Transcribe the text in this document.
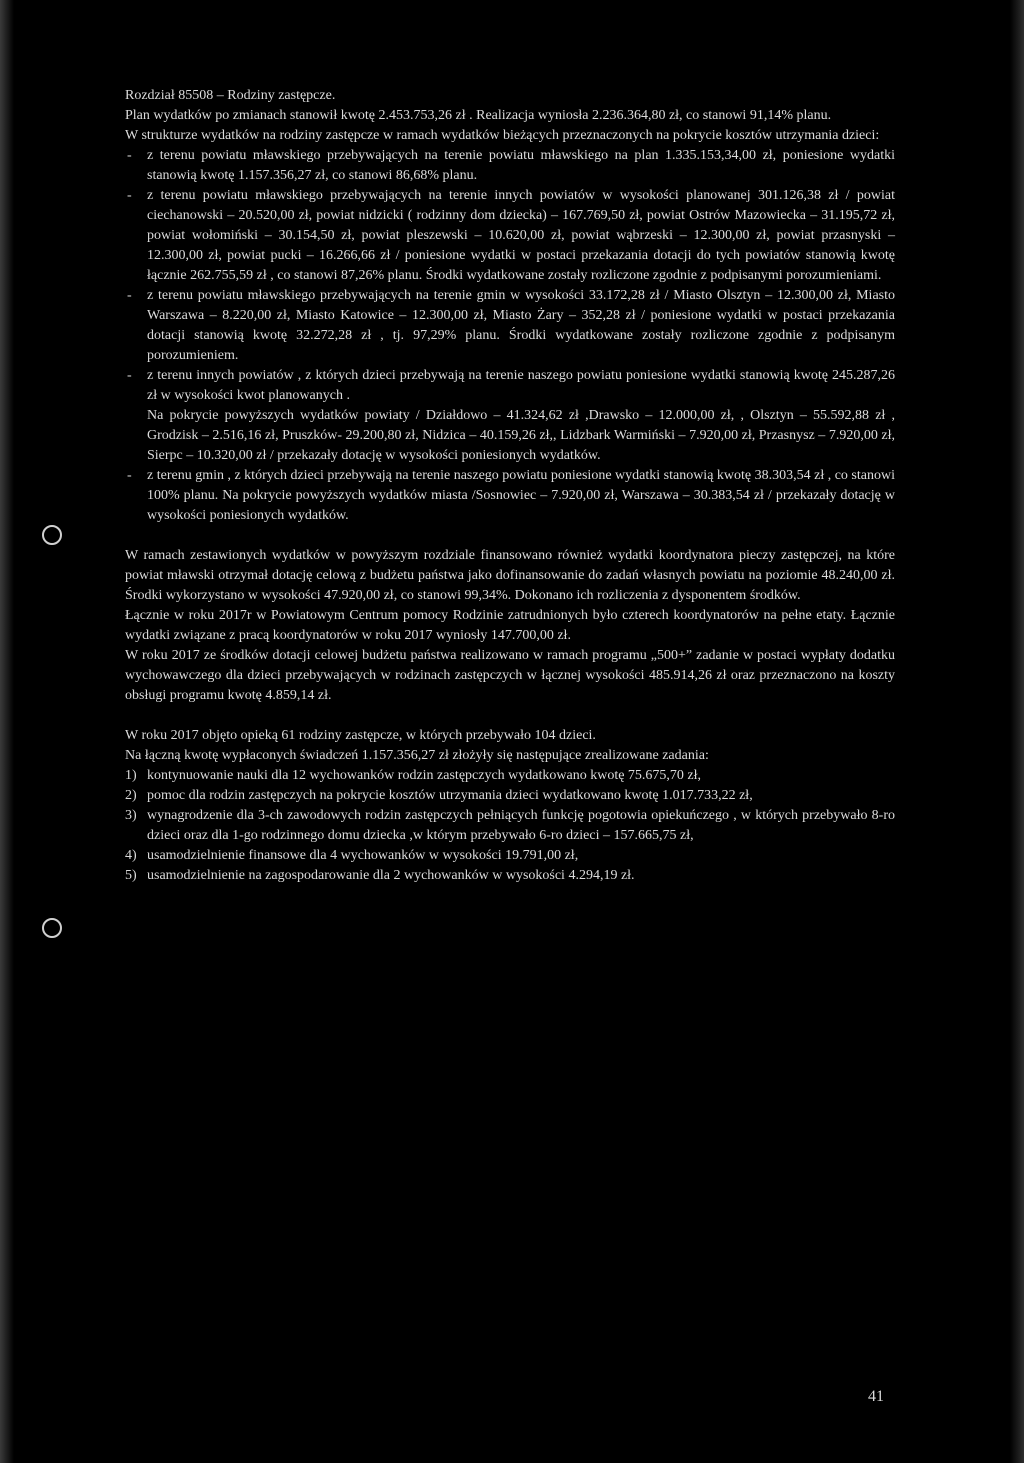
Rozdział 85508 – Rodziny zastępcze.

Plan wydatków po zmianach stanowił kwotę 2.453.753,26 zł . Realizacja wyniosła 2.236.364,80 zł, co stanowi 91,14% planu.

W strukturze wydatków na rodziny zastępcze w ramach wydatków bieżących przeznaczonych na pokrycie kosztów utrzymania dzieci:

- z terenu powiatu mławskiego przebywających na terenie powiatu mławskiego na plan 1.335.153,34,00 zł, poniesione wydatki stanowią kwotę 1.157.356,27 zł, co stanowi 86,68% planu.
- z terenu powiatu mławskiego przebywających na terenie innych powiatów w wysokości planowanej 301.126,38 zł / powiat ciechanowski – 20.520,00 zł, powiat nidzicki ( rodzinny dom dziecka) – 167.769,50 zł, powiat Ostrów Mazowiecka – 31.195,72 zł, powiat wołomiński – 30.154,50 zł, powiat pleszewski – 10.620,00 zł, powiat wąbrzeski – 12.300,00 zł, powiat przasnyski – 12.300,00 zł, powiat pucki – 16.266,66 zł / poniesione wydatki w postaci przekazania dotacji do tych powiatów stanowią kwotę łącznie 262.755,59 zł , co stanowi 87,26% planu. Środki wydatkowane zostały rozliczone zgodnie z podpisanymi porozumieniami.
- z terenu powiatu mławskiego przebywających na terenie gmin w wysokości 33.172,28 zł / Miasto Olsztyn – 12.300,00 zł, Miasto Warszawa – 8.220,00 zł, Miasto Katowice – 12.300,00 zł, Miasto Żary – 352,28 zł / poniesione wydatki w postaci przekazania dotacji stanowią kwotę 32.272,28 zł , tj. 97,29% planu. Środki wydatkowane zostały rozliczone zgodnie z podpisanym porozumieniem.
- z terenu innych powiatów , z których dzieci przebywają na terenie naszego powiatu poniesione wydatki stanowią kwotę 245.287,26 zł w wysokości kwot planowanych .

Na pokrycie powyższych wydatków powiaty / Działdowo – 41.324,62 zł ,Drawsko – 12.000,00 zł, , Olsztyn – 55.592,88 zł , Grodzisk – 2.516,16 zł, Pruszków- 29.200,80 zł, Nidzica – 40.159,26 zł,, Lidzbark Warmiński – 7.920,00 zł, Przasnysz – 7.920,00 zł, Sierpc – 10.320,00 zł / przekazały dotację w wysokości poniesionych wydatków.

- z terenu gmin , z których dzieci przebywają na terenie naszego powiatu poniesione wydatki stanowią kwotę 38.303,54 zł , co stanowi 100% planu. Na pokrycie powyższych wydatków miasta /Sosnowiec – 7.920,00 zł, Warszawa – 30.383,54 zł / przekazały dotację w wysokości poniesionych wydatków.

W ramach zestawionych wydatków w powyższym rozdziale finansowano również wydatki koordynatora pieczy zastępczej, na które powiat mławski otrzymał dotację celową z budżetu państwa jako dofinansowanie do zadań własnych powiatu na poziomie 48.240,00 zł. Środki wykorzystano w wysokości 47.920,00 zł, co stanowi 99,34%. Dokonano ich rozliczenia z dysponentem środków.

Łącznie w roku 2017r w Powiatowym Centrum pomocy Rodzinie zatrudnionych było czterech koordynatorów na pełne etaty. Łącznie wydatki związane z pracą koordynatorów w roku 2017 wyniosły 147.700,00 zł.

W roku 2017 ze środków dotacji celowej budżetu państwa realizowano w ramach programu „500+” zadanie w postaci wypłaty dodatku wychowawczego dla dzieci przebywających w rodzinach zastępczych w łącznej wysokości 485.914,26 zł oraz przeznaczono na koszty obsługi programu kwotę 4.859,14 zł.

W roku 2017 objęto opieką 61 rodziny zastępcze, w których przebywało 104 dzieci.

Na łączną kwotę wypłaconych świadczeń 1.157.356,27 zł złożyły się następujące zrealizowane zadania:

1) kontynuowanie nauki dla 12 wychowanków rodzin zastępczych wydatkowano kwotę 75.675,70 zł,
2) pomoc dla rodzin zastępczych na pokrycie kosztów utrzymania dzieci wydatkowano kwotę 1.017.733,22 zł,
3) wynagrodzenie dla 3-ch zawodowych rodzin zastępczych pełniących funkcję pogotowia opiekuńczego , w których przebywało 8-ro dzieci oraz dla 1-go rodzinnego domu dziecka ,w którym przebywało 6-ro dzieci – 157.665,75 zł,
4) usamodzielnienie finansowe dla 4 wychowanków w wysokości 19.791,00 zł,
5) usamodzielnienie na zagospodarowanie dla 2 wychowanków w wysokości 4.294,19 zł.
41
